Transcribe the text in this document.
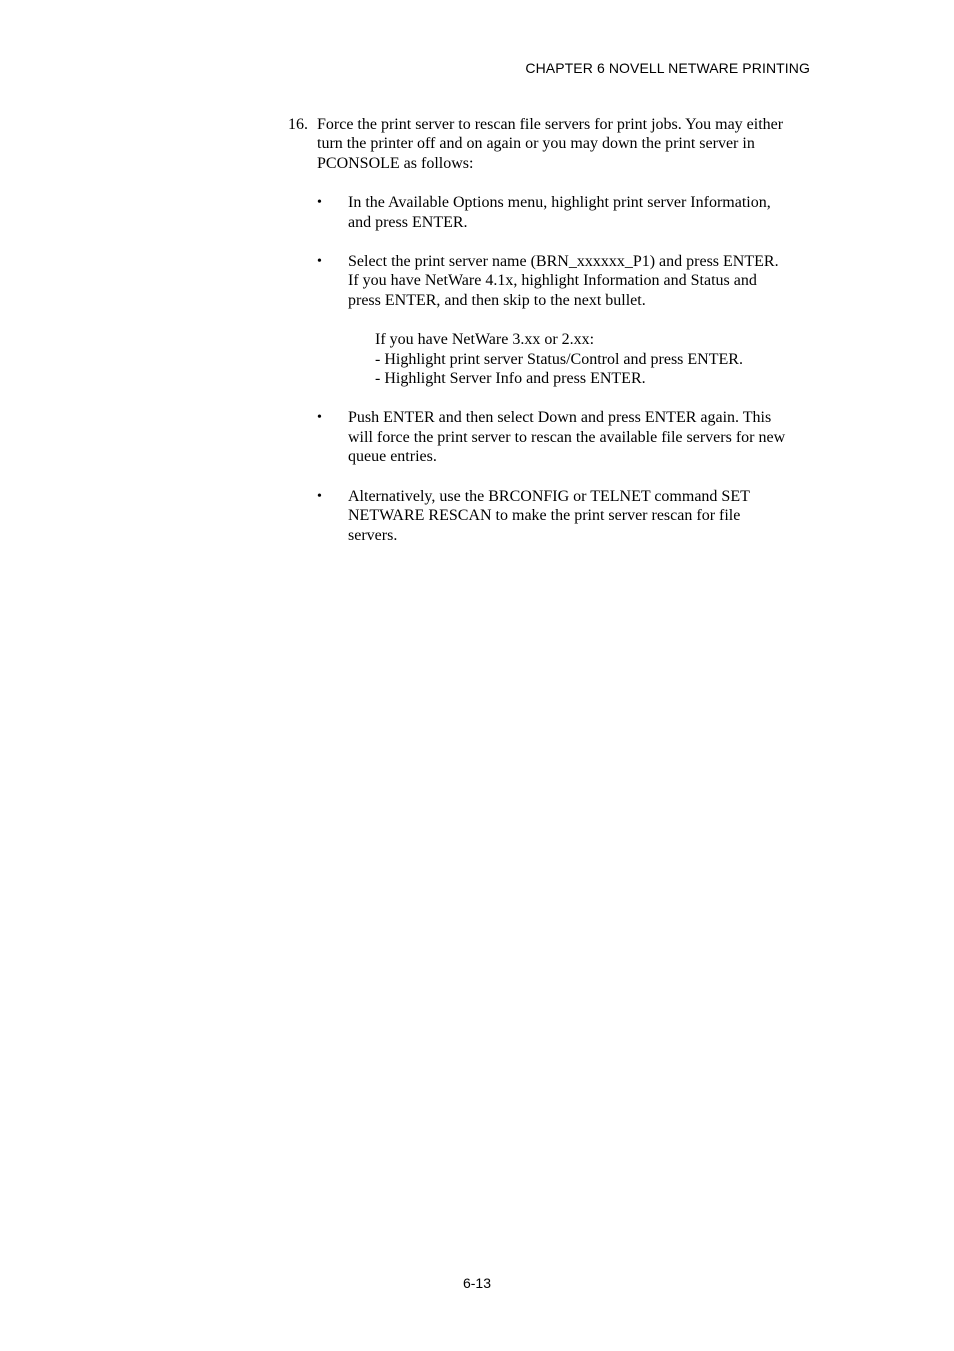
CHAPTER 6 NOVELL NETWARE PRINTING
16. Force the print server to rescan file servers for print jobs. You may either
turn the printer off and on again or you may down the print server in
PCONSOLE as follows:
•	In the Available Options menu, highlight print server Information,
and press ENTER.
•	Select the print server name (BRN_xxxxxx_P1) and press ENTER.
If you have NetWare 4.1x, highlight Information and Status and
press ENTER, and then skip to the next bullet.
If you have NetWare 3.xx or 2.xx:
- Highlight print server Status/Control and press ENTER.
- Highlight Server Info and press ENTER.
•	Push ENTER and then select Down and press ENTER again. This
will force the print server to rescan the available file servers for new
queue entries.
•	Alternatively, use the BRCONFIG or TELNET command SET
NETWARE RESCAN to make the print server rescan for file
servers.
6-13
